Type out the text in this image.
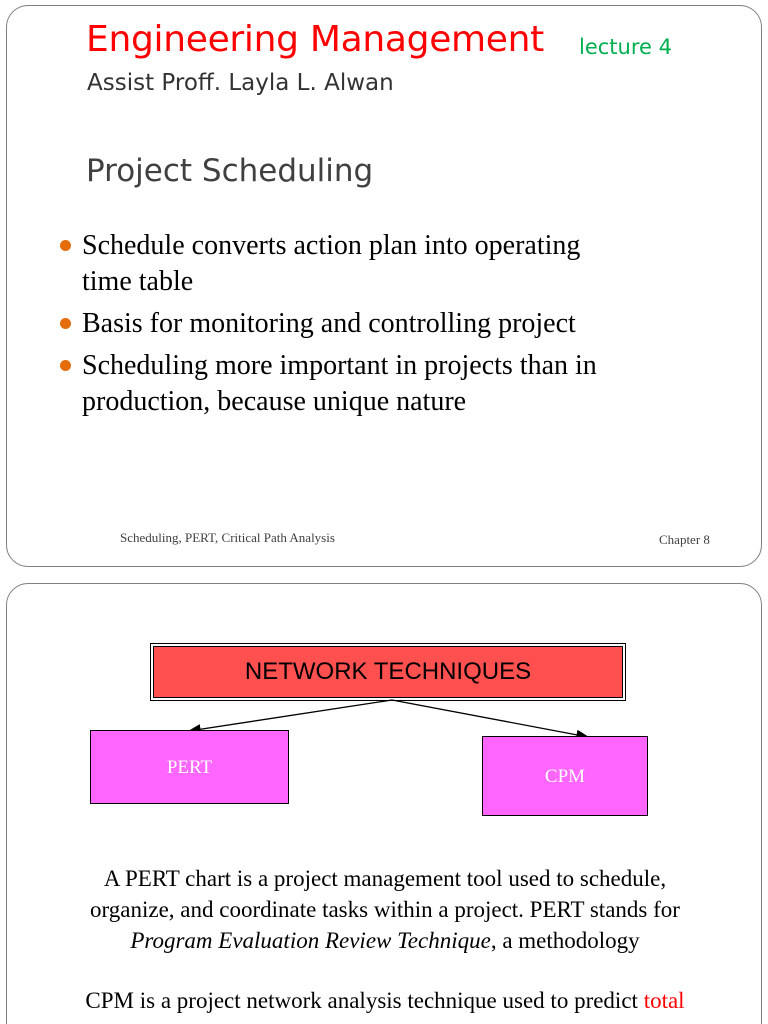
Engineering Management lecture 4
Assist Proff. Layla L. Alwan
Project Scheduling
Schedule converts action plan into operating
time table
Basis for monitoring and controlling project
Scheduling more important in projects than in
production, because unique nature
Scheduling, PERT, Critical Path Analysis	Chapter 8
NETWORK TECHNIQUES
PERT	CPM
A PERT chart is a project management tool used to schedule,
organize, and coordinate tasks within a project. PERT stands for
Program Evaluation Review Technique, a methodology
CPM is a project network analysis technique used to predict total
